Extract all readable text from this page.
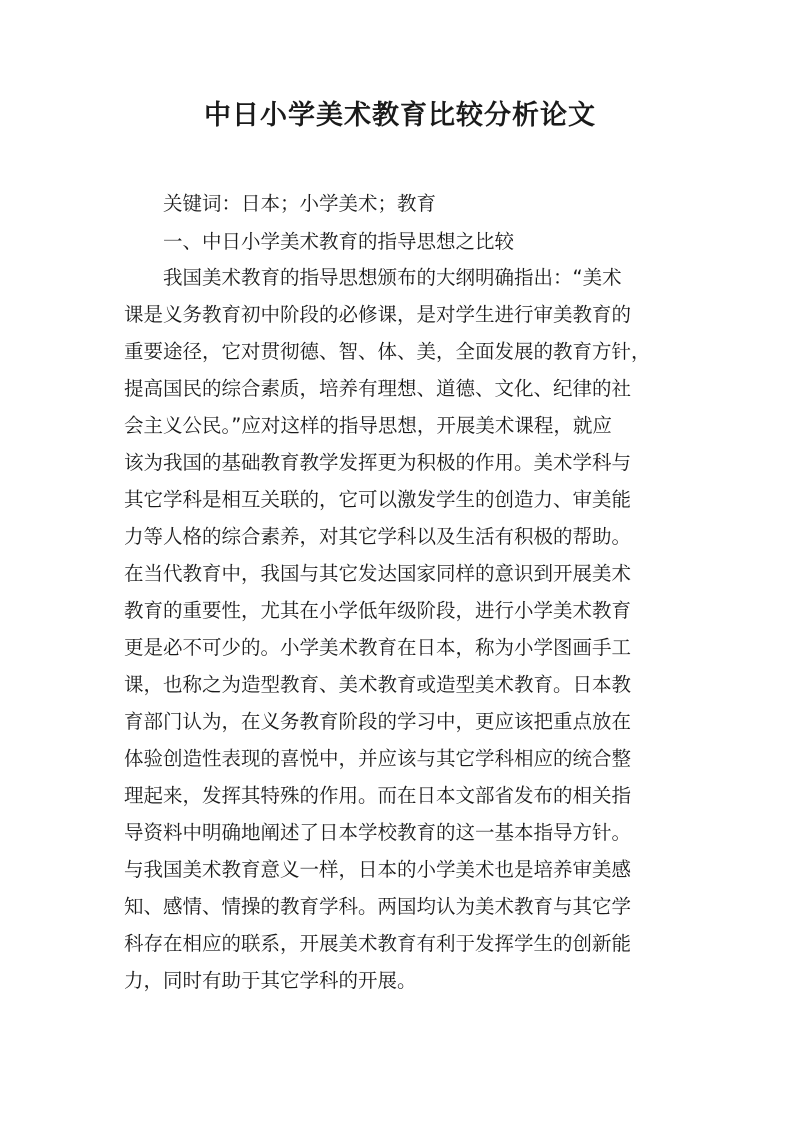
中日小学美术教育比较分析论文

关键词：日本；小学美术；教育

一、中日小学美术教育的指导思想之比较

我国美术教育的指导思想颁布的大纲明确指出：“美术

课是义务教育初中阶段的必修课，是对学生进行审美教育的

重要途径，它对贯彻德、智、体、美，全面发展的教育方针，

提高国民的综合素质，培养有理想、道德、文化、纪律的社

会主义公民。”应对这样的指导思想，开展美术课程，就应

该为我国的基础教育教学发挥更为积极的作用。美术学科与

其它学科是相互关联的，它可以激发学生的创造力、审美能

力等人格的综合素养，对其它学科以及生活有积极的帮助。

在当代教育中，我国与其它发达国家同样的意识到开展美术

教育的重要性，尤其在小学低年级阶段，进行小学美术教育

更是必不可少的。小学美术教育在日本，称为小学图画手工

课，也称之为造型教育、美术教育或造型美术教育。日本教

育部门认为，在义务教育阶段的学习中，更应该把重点放在

体验创造性表现的喜悦中，并应该与其它学科相应的统合整

理起来，发挥其特殊的作用。而在日本文部省发布的相关指

导资料中明确地阐述了日本学校教育的这一基本指导方针。

与我国美术教育意义一样，日本的小学美术也是培养审美感

知、感情、情操的教育学科。两国均认为美术教育与其它学

科存在相应的联系，开展美术教育有利于发挥学生的创新能

力，同时有助于其它学科的开展。
